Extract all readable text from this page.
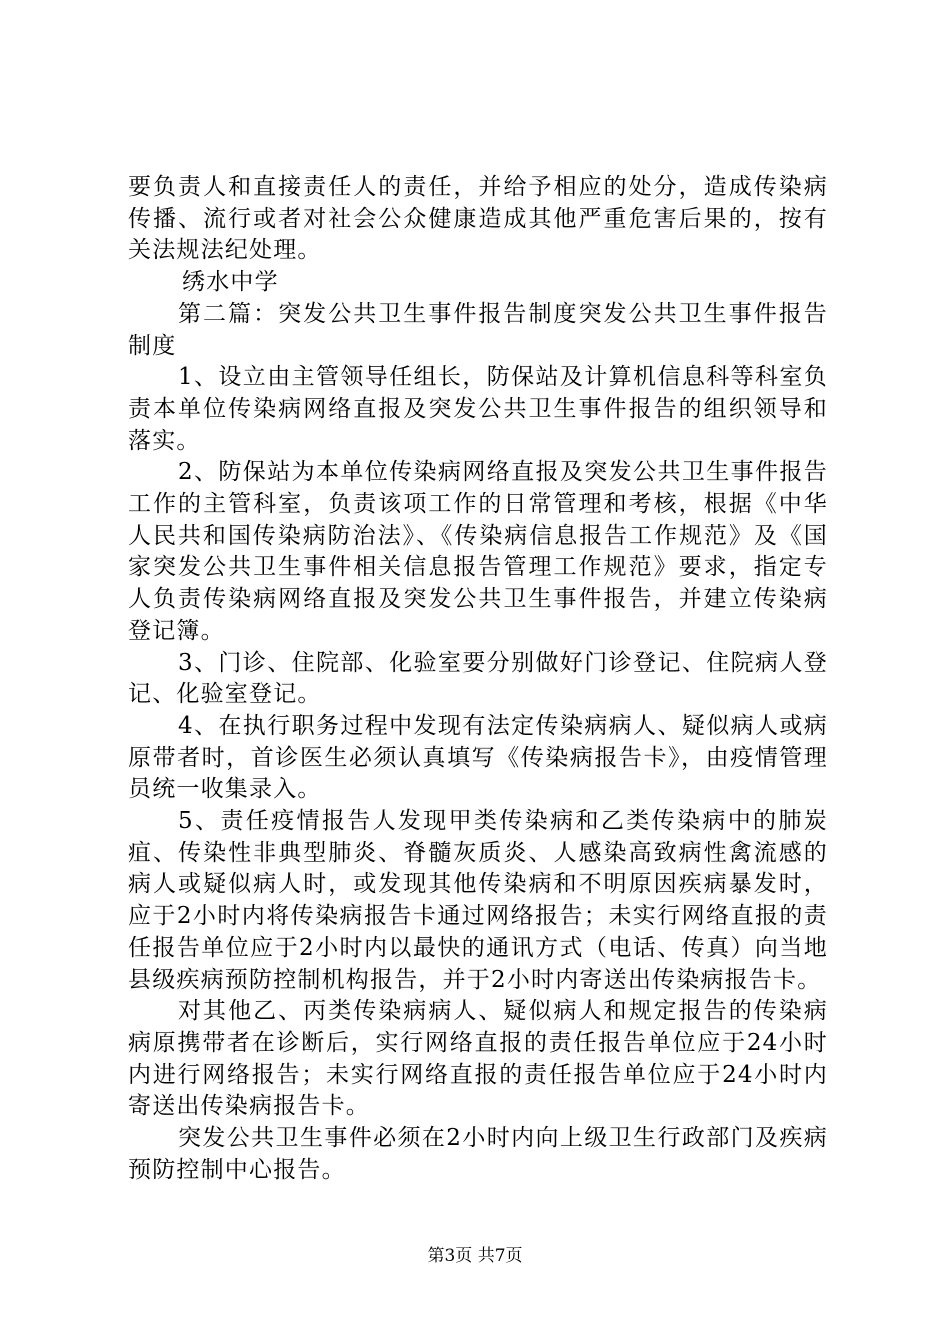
要负责人和直接责任人的责任，并给予相应的处分，造成传染病传播、流行或者对社会公众健康造成其他严重危害后果的，按有关法规法纪处理。

绣水中学

第二篇：突发公共卫生事件报告制度突发公共卫生事件报告制度

1、设立由主管领导任组长，防保站及计算机信息科等科室负责本单位传染病网络直报及突发公共卫生事件报告的组织领导和落实。

2、防保站为本单位传染病网络直报及突发公共卫生事件报告工作的主管科室，负责该项工作的日常管理和考核，根据《中华人民共和国传染病防治法》、《传染病信息报告工作规范》及《国家突发公共卫生事件相关信息报告管理工作规范》要求，指定专人负责传染病网络直报及突发公共卫生事件报告，并建立传染病登记簿。

3、门诊、住院部、化验室要分别做好门诊登记、住院病人登记、化验室登记。

4、在执行职务过程中发现有法定传染病病人、疑似病人或病原带者时，首诊医生必须认真填写《传染病报告卡》，由疫情管理员统一收集录入。

5、责任疫情报告人发现甲类传染病和乙类传染病中的肺炭疽、传染性非典型肺炎、脊髓灰质炎、人感染高致病性禽流感的病人或疑似病人时，或发现其他传染病和不明原因疾病暴发时，应于2小时内将传染病报告卡通过网络报告；未实行网络直报的责任报告单位应于2小时内以最快的通讯方式（电话、传真）向当地县级疾病预防控制机构报告，并于2小时内寄送出传染病报告卡。

对其他乙、丙类传染病病人、疑似病人和规定报告的传染病病原携带者在诊断后，实行网络直报的责任报告单位应于24小时内进行网络报告；未实行网络直报的责任报告单位应于24小时内寄送出传染病报告卡。

突发公共卫生事件必须在2小时内向上级卫生行政部门及疾病预防控制中心报告。

第3页 共7页
